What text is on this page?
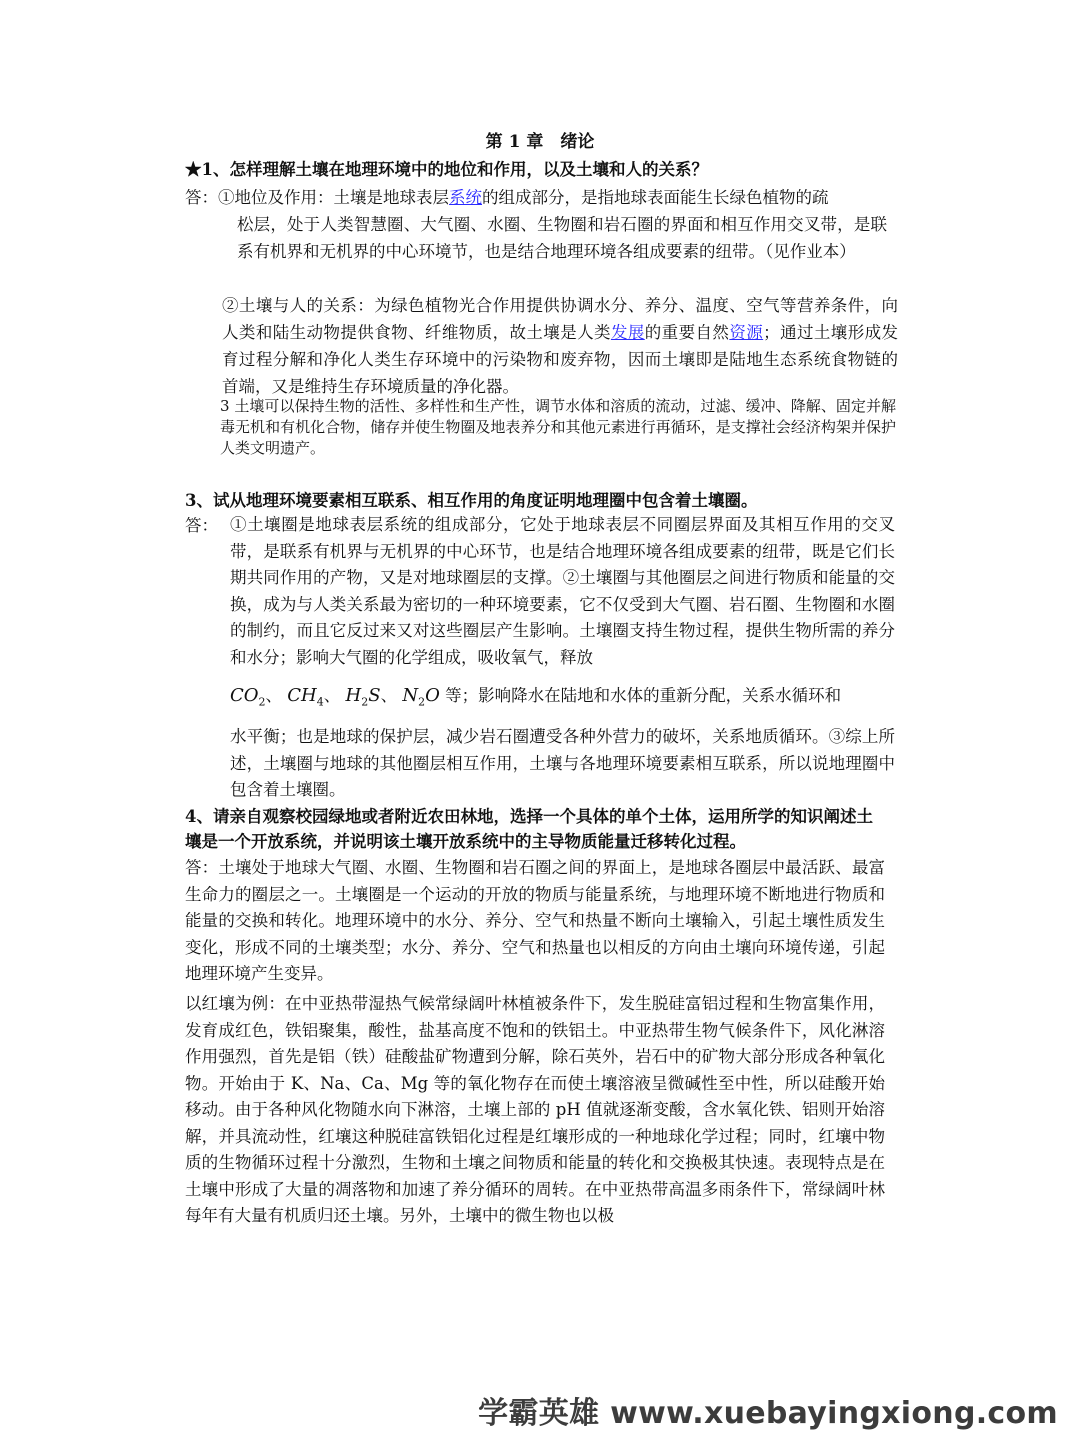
第 1 章　绪论
★1、怎样理解土壤在地理环境中的地位和作用，以及土壤和人的关系？
答：①地位及作用：土壤是地球表层系统的组成部分，是指地球表面能生长绿色植物的疏
松层，处于人类智慧圈、大气圈、水圈、生物圈和岩石圈的界面和相互作用交叉带，是联系有机界和无机界的中心环境节，也是结合地理环境各组成要素的纽带。（见作业本）
②土壤与人的关系：为绿色植物光合作用提供协调水分、养分、温度、空气等营养条件，向人类和陆生动物提供食物、纤维物质，故土壤是人类发展的重要自然资源；通过土壤形成发育过程分解和净化人类生存环境中的污染物和废弃物，因而土壤即是陆地生态系统食物链的首端，又是维持生存环境质量的净化器。
3 土壤可以保持生物的活性、多样性和生产性，调节水体和溶质的流动，过滤、缓冲、降解、固定并解毒无机和有机化合物，储存并使生物圈及地表养分和其他元素进行再循环，是支撑社会经济构架并保护人类文明遗产。
3、试从地理环境要素相互联系、相互作用的角度证明地理圈中包含着土壤圈。
答： ①土壤圈是地球表层系统的组成部分，它处于地球表层不同圈层界面及其相互作用的交叉带，是联系有机界与无机界的中心环节，也是结合地理环境各组成要素的纽带，既是它们长期共同作用的产物，又是对地球圈层的支撑。②土壤圈与其他圈层之间进行物质和能量的交换，成为与人类关系最为密切的一种环境要素，它不仅受到大气圈、岩石圈、生物圈和水圈的制约，而且它反过来又对这些圈层产生影响。土壤圈支持生物过程，提供生物所需的养分和水分；影响大气圈的化学组成，吸收氧气，释放
$CO_2$、 $CH_4$、 $H_2S$、 $N_2O$ 等；影响降水在陆地和水体的重新分配，关系水循环和
水平衡；也是地球的保护层，减少岩石圈遭受各种外营力的破坏，关系地质循环。③综上所述，土壤圈与地球的其他圈层相互作用，土壤与各地理环境要素相互联系，所以说地理圈中包含着土壤圈。
4、请亲自观察校园绿地或者附近农田林地，选择一个具体的单个土体，运用所学的知识阐述土壤是一个开放系统，并说明该土壤开放系统中的主导物质能量迁移转化过程。
答：土壤处于地球大气圈、水圈、生物圈和岩石圈之间的界面上，是地球各圈层中最活跃、最富生命力的圈层之一。土壤圈是一个运动的开放的物质与能量系统，与地理环境不断地进行物质和能量的交换和转化。地理环境中的水分、养分、空气和热量不断向土壤输入，引起土壤性质发生变化，形成不同的土壤类型；水分、养分、空气和热量也以相反的方向由土壤向环境传递，引起地理环境产生变异。
以红壤为例：在中亚热带湿热气候常绿阔叶林植被条件下，发生脱硅富铝过程和生物富集作用，发育成红色，铁铝聚集，酸性，盐基高度不饱和的铁铝土。中亚热带生物气候条件下，风化淋溶作用强烈，首先是铝（铁）硅酸盐矿物遭到分解，除石英外，岩石中的矿物大部分形成各种氧化物。开始由于 K、Na、Ca、Mg 等的氧化物存在而使土壤溶液呈微碱性至中性，所以硅酸开始移动。由于各种风化物随水向下淋溶，土壤上部的 pH 值就逐渐变酸，含水氧化铁、铝则开始溶解，并具流动性，红壤这种脱硅富铁铝化过程是红壤形成的一种地球化学过程；同时，红壤中物质的生物循环过程十分激烈，生物和土壤之间物质和能量的转化和交换极其快速。表现特点是在土壤中形成了大量的凋落物和加速了养分循环的周转。在中亚热带高温多雨条件下，常绿阔叶林每年有大量有机质归还土壤。另外，土壤中的微生物也以极
学霸英雄 www.xuebayingxiong.com
